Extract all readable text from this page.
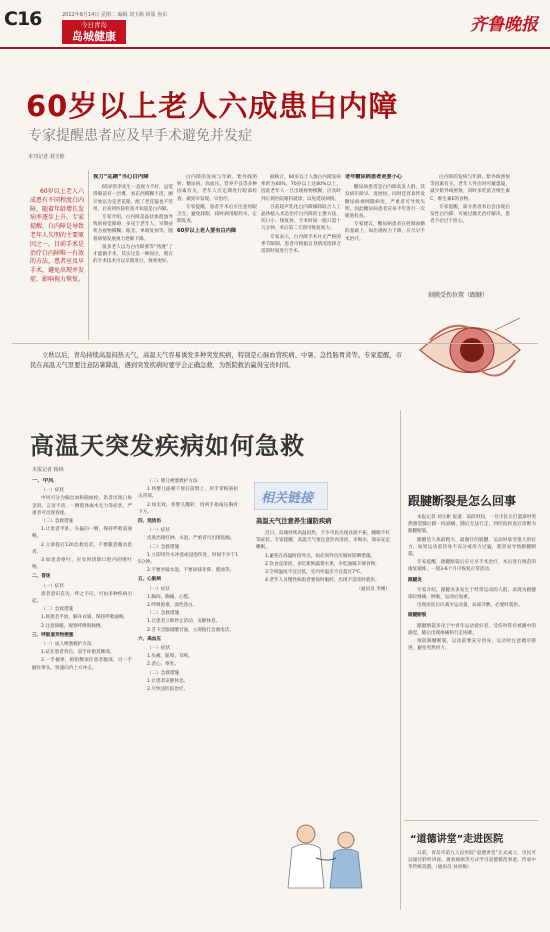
C16	2012年8月14日 星期二 编辑 刘玉彬 组版 焦东
今日青岛
岛城健康
齐鲁晚报
60岁以上老人六成患白内障
专家提醒患者应及早手术避免并发症
本刊记者 刘玉彬
60岁以上老人六成患有不同程度白内障，随着年龄增长发病率逐步上升。专家提醒，白内障是导致老年人失明的主要原因之一，目前手术是治疗白内障唯一有效的方法，患者应及早手术，避免出现并发症，影响视力恢复。
视力“乱糊”当心白内障

65岁的李先生一直视力不好，总觉得眼前有一层雾，看东西模糊不清，刚开始以为是老花眼，配了老花镜也不管用，后来到医院检查才知道是白内障。

专家介绍，白内障是晶状体混浊导致的视觉障碍，多见于老年人，早期症状为视物模糊、眩光、单眼复视等，随着病情发展视力逐渐下降。

很多老人以为白内障要等“熟透”了才能做手术，其实这是一种误区，现在的手术技术可以早期进行，效果更好。

白内障的发病与年龄、紫外线照射、糖尿病、高血压、营养不良等多种因素有关，老年人应定期进行眼部检查，做到早发现、早治疗。

专家提醒，患者手术后应注意用眼卫生，避免揉眼，按时滴用眼药水，定期复查。

60岁以上老人要有白内障

据统计，60岁以上人群白内障发病率约为60%，70岁以上达80%以上，因此老年人一旦出现视物模糊，应及时到正规医院眼科就诊，以免延误病情。

目前超声乳化白内障摘除联合人工晶体植入术是治疗白内障的主要方法，切口小、恢复快，手术时间一般只需十几分钟，术后第二天即可恢复视力。

专家表示，白内障手术并无严格的季节限制，患者可根据自身情况选择合适的时间进行手术。

老年糖尿病患者更要小心

糖尿病患者是白内障高发人群，其发病年龄早、进展快，同时还容易伴发糖尿病视网膜病变，严重者可导致失明，因此糖尿病患者应每半年进行一次眼底检查。

专家建议，糖尿病患者在控制血糖的基础上，如出现视力下降，应尽早手术治疗。

白内障的发病与年龄、紫外线照射等因素有关，老年人外出时可戴墨镜，减少紫外线照射，同时多吃富含维生素C、维生素E的食物。

专家提醒，部分患者术后会出现后发性白内障，可通过激光治疗解决，患者不必过于担心。

刻膜受伤位置（跟腱）
立秋以后，青岛持续高温闷热天气，高温天气容易诱发多种突发疾病，特别是心脑血管疾病、中暑、急性肠胃炎等。专家提醒，市民在高温天气里要注意防暑降温，遇到突发疾病时要学会正确急救，为医院救治赢得宝贵时间。
高温天突发疾病如何急救
本报记者 杨林
一、中风

（一）症状

中风可分为脑出血和脑血栓，患者出现口角歪斜、言语不清、一侧肢体麻木无力等症状，严重者可出现昏迷。

（二）急救措施

1.让患者平卧，头偏向一侧，保持呼吸道通畅。

2.立即拨打120急救电话，不要随意搬动患者。

3.如患者呕吐，应及时清除口腔内的呕吐物。

二、昏迷

（一）症状

患者意识丧失，呼之不应，可由多种疾病引起。

（二）急救措施

1.将患者平放，解开衣领，保持呼吸通畅。

2.注意保暖，观察呼吸和脉搏。

三、呼吸道异物梗塞

（一）成人梗塞救护方法

1.站在患者背后，双手环抱其腰部。

2.一手握拳，拇指侧顶住患者腹部，另一手握住拳头，快速向内上方冲击。

（二）婴儿梗塞救护方法

1.将婴儿面朝下放在前臂上，用手掌根部拍击背部。

2.如无效，将婴儿翻转，用两手指按压胸骨下方。

四、烧烫伤

（一）症状

皮肤出现红肿、水泡，严重者可出现焦痂。

（二）急救措施

1.立即用冷水冲洗或浸泡伤处，时间不少于15分钟。

2.不要弄破水泡，不要涂抹牙膏、酱油等。

五、心脏病

（一）症状

1.胸闷、胸痛、心慌。

2.呼吸困难，面色苍白。

（二）急救措施

1.让患者立即停止活动，安静休息。

2.舌下含服硝酸甘油，立即拨打急救电话。

六、高血压

（一）症状

1.头痛、眩晕、耳鸣。

2.恶心、呕吐。

（二）急救措施

1.让患者安静休息。

2.尽快送医院治疗。

相关链接
高温天气注意养生谨防疾病

近日，岛城持续高温闷热，不少市民出现食欲不振、睡眠不好等症状。专家提醒，高温天气要注意饮食清淡，多喝水，保证充足睡眠。

1.避免在高温时段外出，如必须外出应做好防晒措施。

2.饮食宜清淡，多吃新鲜蔬菜水果，少吃油腻辛辣食物。

3.空调温度不宜过低，室内外温差不宜超过7℃。

4.老年人及慢性病患者要按时服药，出现不适及时就医。

（通讯员 李刚）
跟腱断裂是怎么回事

本报记者 刘玉彬 报道：前段时间，一位市民在打篮球时突然感觉脚后跟一阵剧痛，随后无法行走，到医院检查后诊断为跟腱断裂。

跟腱是人体最粗大、最强壮的肌腱，运动时承受很大的拉力，如果运动前热身不充分或用力过猛，就容易导致跟腱断裂。

专家提醒，跟腱断裂后应尽早手术治疗，术后进行规范的康复锻炼，一般3-6个月可恢复正常活动。

跟腱炎

专家介绍，跟腱炎多发生于经常运动的人群，表现为跟腱部位疼痛、肿胀，运动后加重。

出现症状后应减少运动量，局部冷敷，必要时就医。

跟腱断裂

跟腱断裂多见于中青年运动爱好者，受伤时常有被踢中的感觉，随后出现疼痛和行走困难。

预防跟腱断裂，运动前要充分热身，运动时注意循序渐进，避免突然用力。

“道德讲堂”走进医院
日前，青岛市第九人民医院“道德讲堂”正式成立，市民可以通过聆听讲座、观看视频等方式学习道德模范事迹，传承中华传统美德。（通讯员 孙喜梅）
